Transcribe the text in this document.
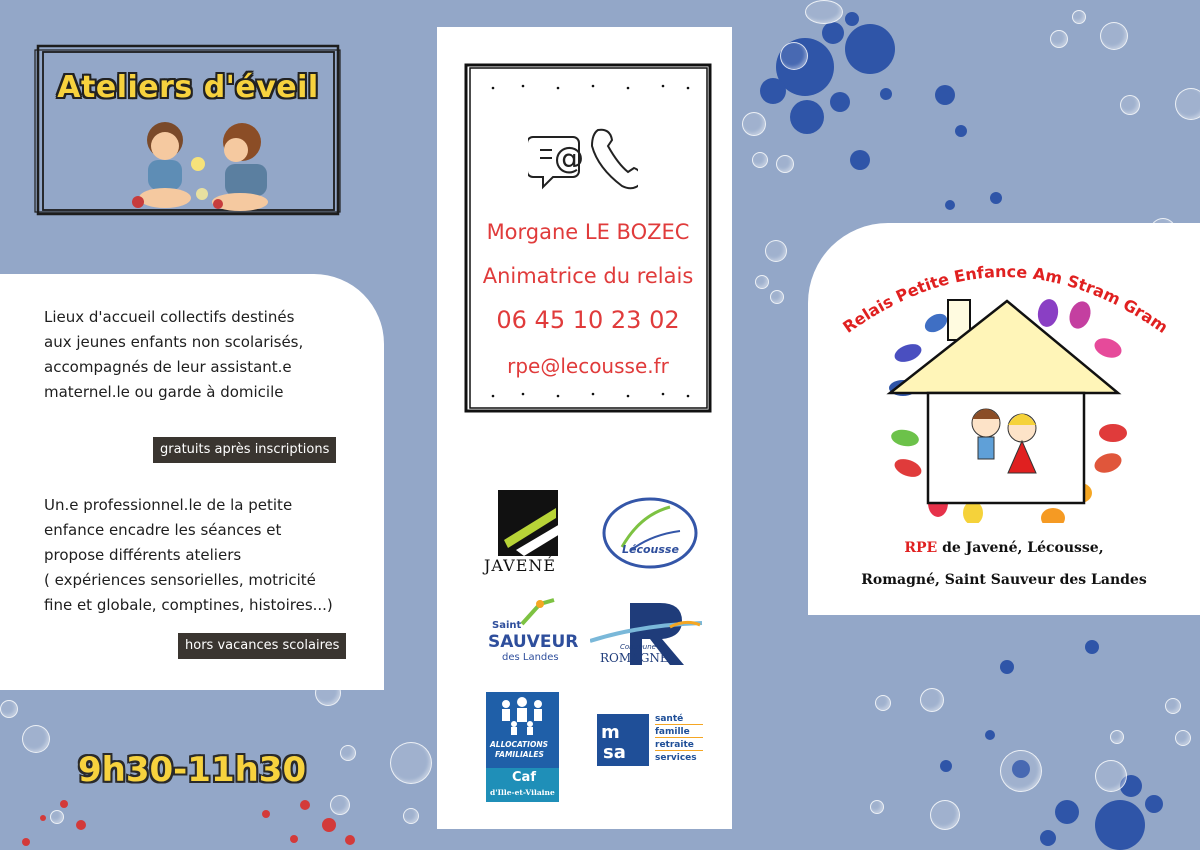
Ateliers d'éveil
Lieux d'accueil collectifs destinés
aux jeunes enfants non scolarisés,
accompagnés de leur assistant.e
maternel.le ou garde à domicile
gratuits après inscriptions
Un.e professionnel.le de la petite
enfance encadre les séances et
propose différents ateliers
( expériences sensorielles, motricité
fine et globale, comptines, histoires...)
hors vacances scolaires
9h30-11h30
@
Morgane LE BOZEC
Animatrice du relais
06 45 10 23 02
rpe@lecousse.fr
JAVENÉ
Lécousse
Saint
SAUVEUR
des Landes
Commune de
ROMAGNÉ
ALLOCATIONS
FAMILIALES
Caf
d'Ille-et-Vilaine
m
sa
santé
famille
retraite
services
Relais Petite Enfance Am Stram Gram
RPE de Javené, Lécousse,
Romagné, Saint Sauveur des Landes
